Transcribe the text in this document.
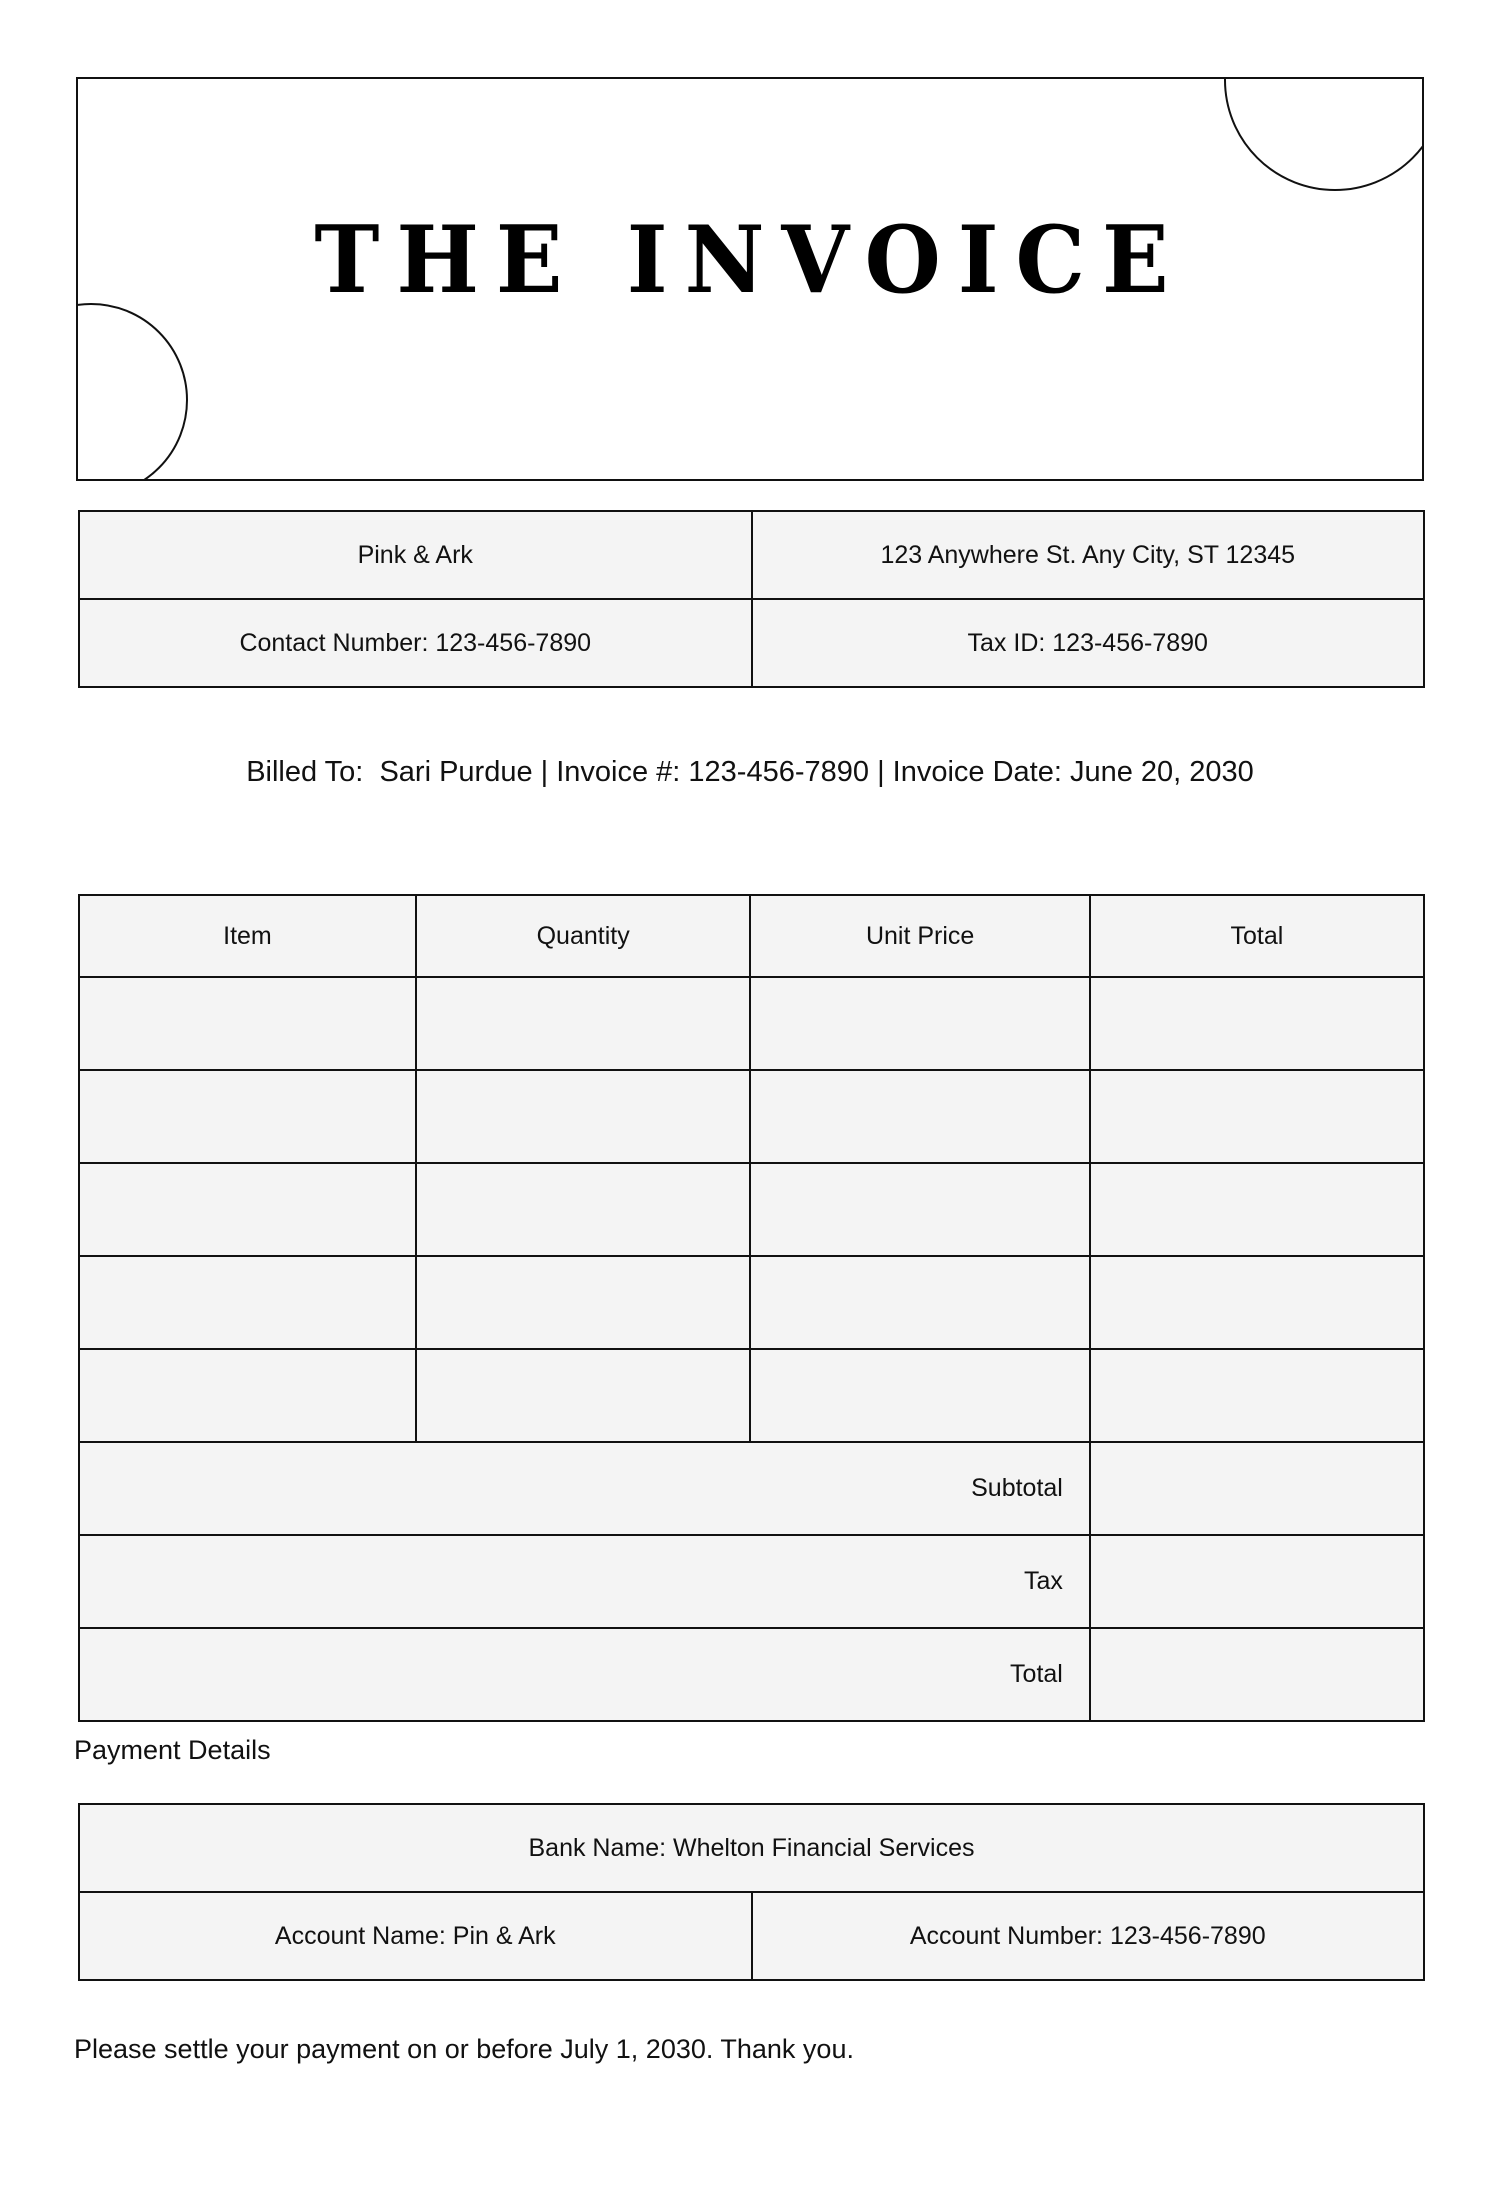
THE INVOICE
Pink & Ark	123 Anywhere St. Any City, ST 12345
Contact Number: 123-456-7890	Tax ID: 123-456-7890
Billed To:  Sari Purdue | Invoice #: 123-456-7890 | Invoice Date: June 20, 2030
Item	Quantity	Unit Price	Total

Subtotal			
Tax			
Total			
Payment Details
Bank Name: Whelton Financial Services
Account Name: Pin & Ark	Account Number: 123-456-7890
Please settle your payment on or before July 1, 2030. Thank you.
